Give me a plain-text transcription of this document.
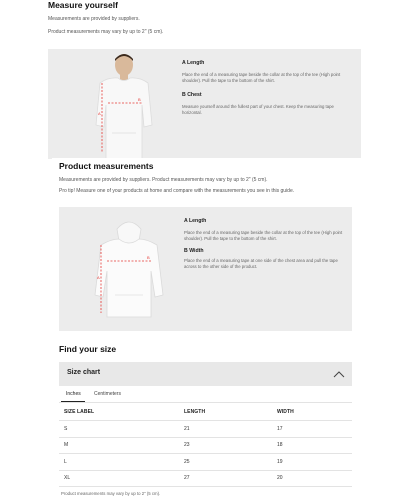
Measure yourself
Measurements are provided by suppliers.
Product measurements may vary by up to 2" (5 cm).
A
B
A Length
Place the end of a measuring tape beside the collar at the top of the tee (High point shoulder). Pull the tape to the bottom of the shirt.
B Chest
Measure yourself around the fullest part of your chest. Keep the measuring tape horizontal.
Product measurements
Measurements are provided by suppliers. Product measurements may vary by up to 2" (5 cm).
Pro tip! Measure one of your products at home and compare with the measurements you see in this guide.
A
B
A Length
Place the end of a measuring tape beside the collar at the top of the tee (High point shoulder). Pull the tape to the bottom of the shirt.
B Width
Place the end of a measuring tape at one side of the chest area and pull the tape across to the other side of the product.
Find your size
Size chart
Inches	Centimeters
SIZE LABEL	LENGTH	WIDTH
S	21	17
M	23	18
L	25	19
XL	27	20
Product measurements may vary by up to 2" (5 cm).
